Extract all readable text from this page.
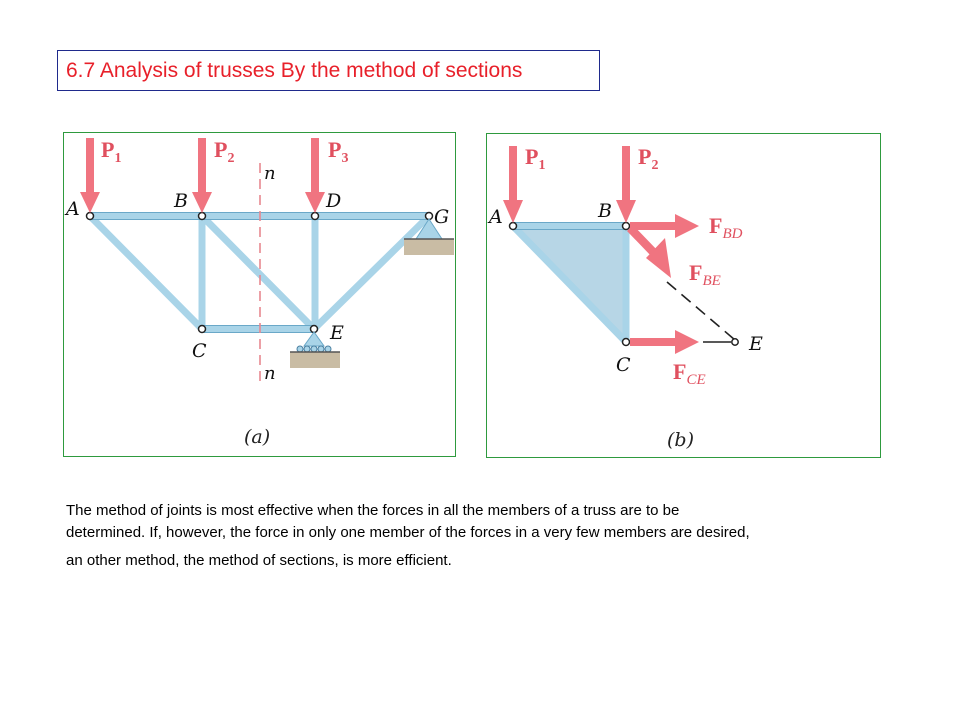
6.7 Analysis of trusses By the method of sections
n
n
$P_1$	$P_2$	$P_3$
A	B	D
G
C
E
(a)
$P_1$	$P_2$
$F_{BD}$
$F_{BE}$
$F_{CE}$
A	B
C
E
(b)
The method of joints is most effective when the forces in all the members of a truss are to be
determined. If, however, the force in only one member of the forces in a very few members are desired,
an other method, the method of sections, is more efficient.
